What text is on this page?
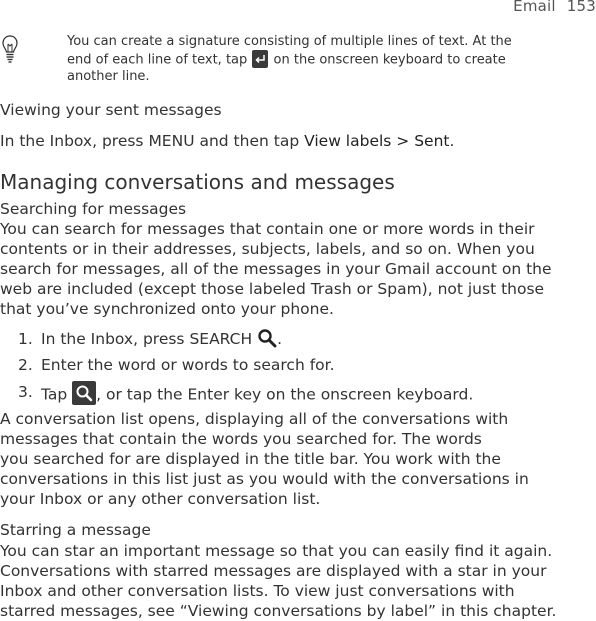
Email 153
You can create a signature consisting of multiple lines of text. At the
end of each line of text, tap  on the onscreen keyboard to create
another line.
Viewing your sent messages
In the Inbox, press MENU and then tap View labels > Sent.
Managing conversations and messages
Searching for messages
You can search for messages that contain one or more words in their
contents or in their addresses, subjects, labels, and so on. When you
search for messages, all of the messages in your Gmail account on the
web are included (except those labeled Trash or Spam), not just those
that you’ve synchronized onto your phone.
1. In the Inbox, press SEARCH .
2. Enter the word or words to search for.
3. Tap , or tap the Enter key on the onscreen keyboard.
A conversation list opens, displaying all of the conversations with
messages that contain the words you searched for. The words
you searched for are displayed in the title bar. You work with the
conversations in this list just as you would with the conversations in
your Inbox or any other conversation list.
Starring a message
You can star an important message so that you can easily find it again.
Conversations with starred messages are displayed with a star in your
Inbox and other conversation lists. To view just conversations with
starred messages, see “Viewing conversations by label” in this chapter.
